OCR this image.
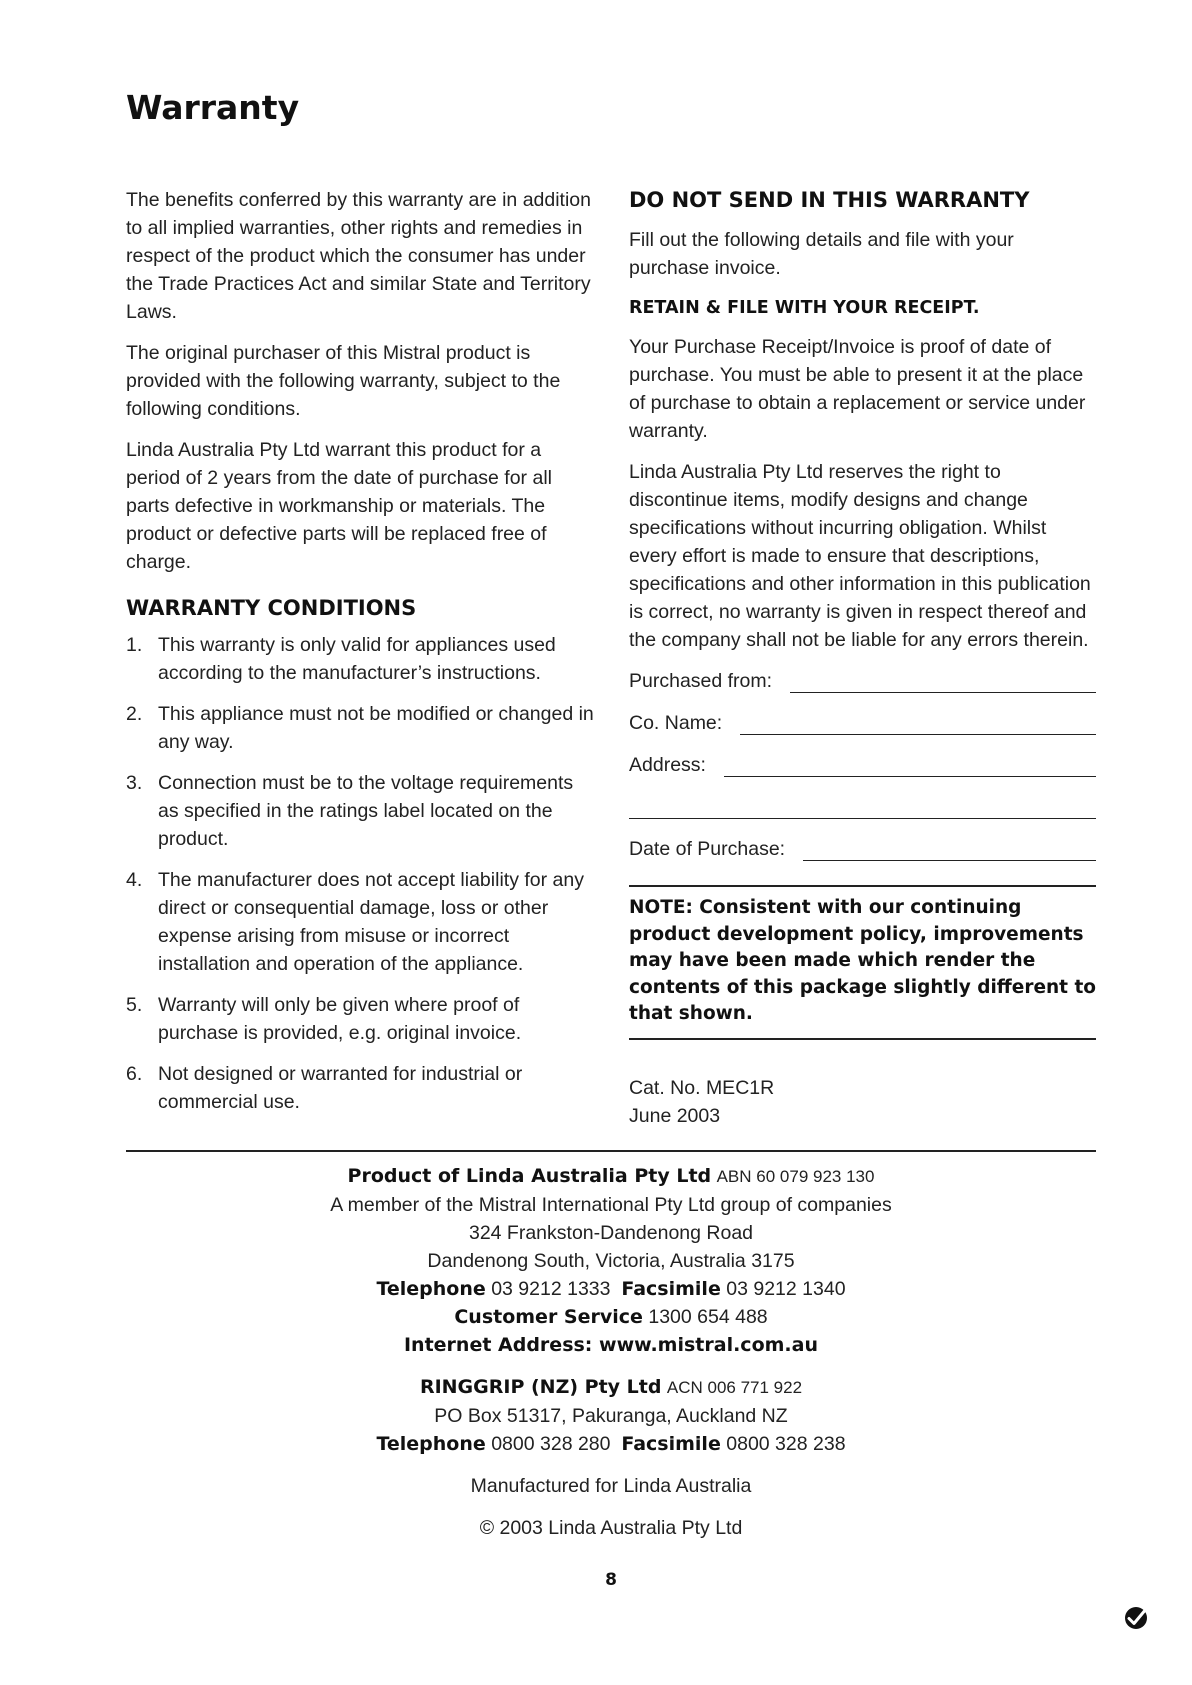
Warranty

The benefits conferred by this warranty are in addition to all implied warranties, other rights and remedies in respect of the product which the consumer has under the Trade Practices Act and similar State and Territory Laws.

The original purchaser of this Mistral product is provided with the following warranty, subject to the following conditions.

Linda Australia Pty Ltd warrant this product for a period of 2 years from the date of purchase for all parts defective in workmanship or materials. The product or defective parts will be replaced free of charge.

WARRANTY CONDITIONS
1. This warranty is only valid for appliances used according to the manufacturer’s instructions.
2. This appliance must not be modified or changed in any way.
3. Connection must be to the voltage requirements as specified in the ratings label located on the product.
4. The manufacturer does not accept liability for any direct or consequential damage, loss or other expense arising from misuse or incorrect installation and operation of the appliance.
5. Warranty will only be given where proof of purchase is provided, e.g. original invoice.
6. Not designed or warranted for industrial or commercial use.
DO NOT SEND IN THIS WARRANTY

Fill out the following details and file with your purchase invoice.

RETAIN & FILE WITH YOUR RECEIPT.

Your Purchase Receipt/Invoice is proof of date of purchase. You must be able to present it at the place of purchase to obtain a replacement or service under warranty.

Linda Australia Pty Ltd reserves the right to discontinue items, modify designs and change specifications without incurring obligation. Whilst every effort is made to ensure that descriptions, specifications and other information in this publication is correct, no warranty is given in respect thereof and the company shall not be liable for any errors therein.

Purchased from:
Co. Name:
Address:
Date of Purchase:
NOTE: Consistent with our continuing product development policy, improvements may have been made which render the contents of this package slightly different to that shown.
Cat. No. MEC1R
June 2003
Product of Linda Australia Pty Ltd ABN 60 079 923 130
A member of the Mistral International Pty Ltd group of companies
324 Frankston-Dandenong Road
Dandenong South, Victoria, Australia 3175
Telephone 03 9212 1333 Facsimile 03 9212 1340
Customer Service 1300 654 488
Internet Address: www.mistral.com.au
RINGGRIP (NZ) Pty Ltd ACN 006 771 922
PO Box 51317, Pakuranga, Auckland NZ
Telephone 0800 328 280 Facsimile 0800 328 238
Manufactured for Linda Australia
© 2003 Linda Australia Pty Ltd
8
